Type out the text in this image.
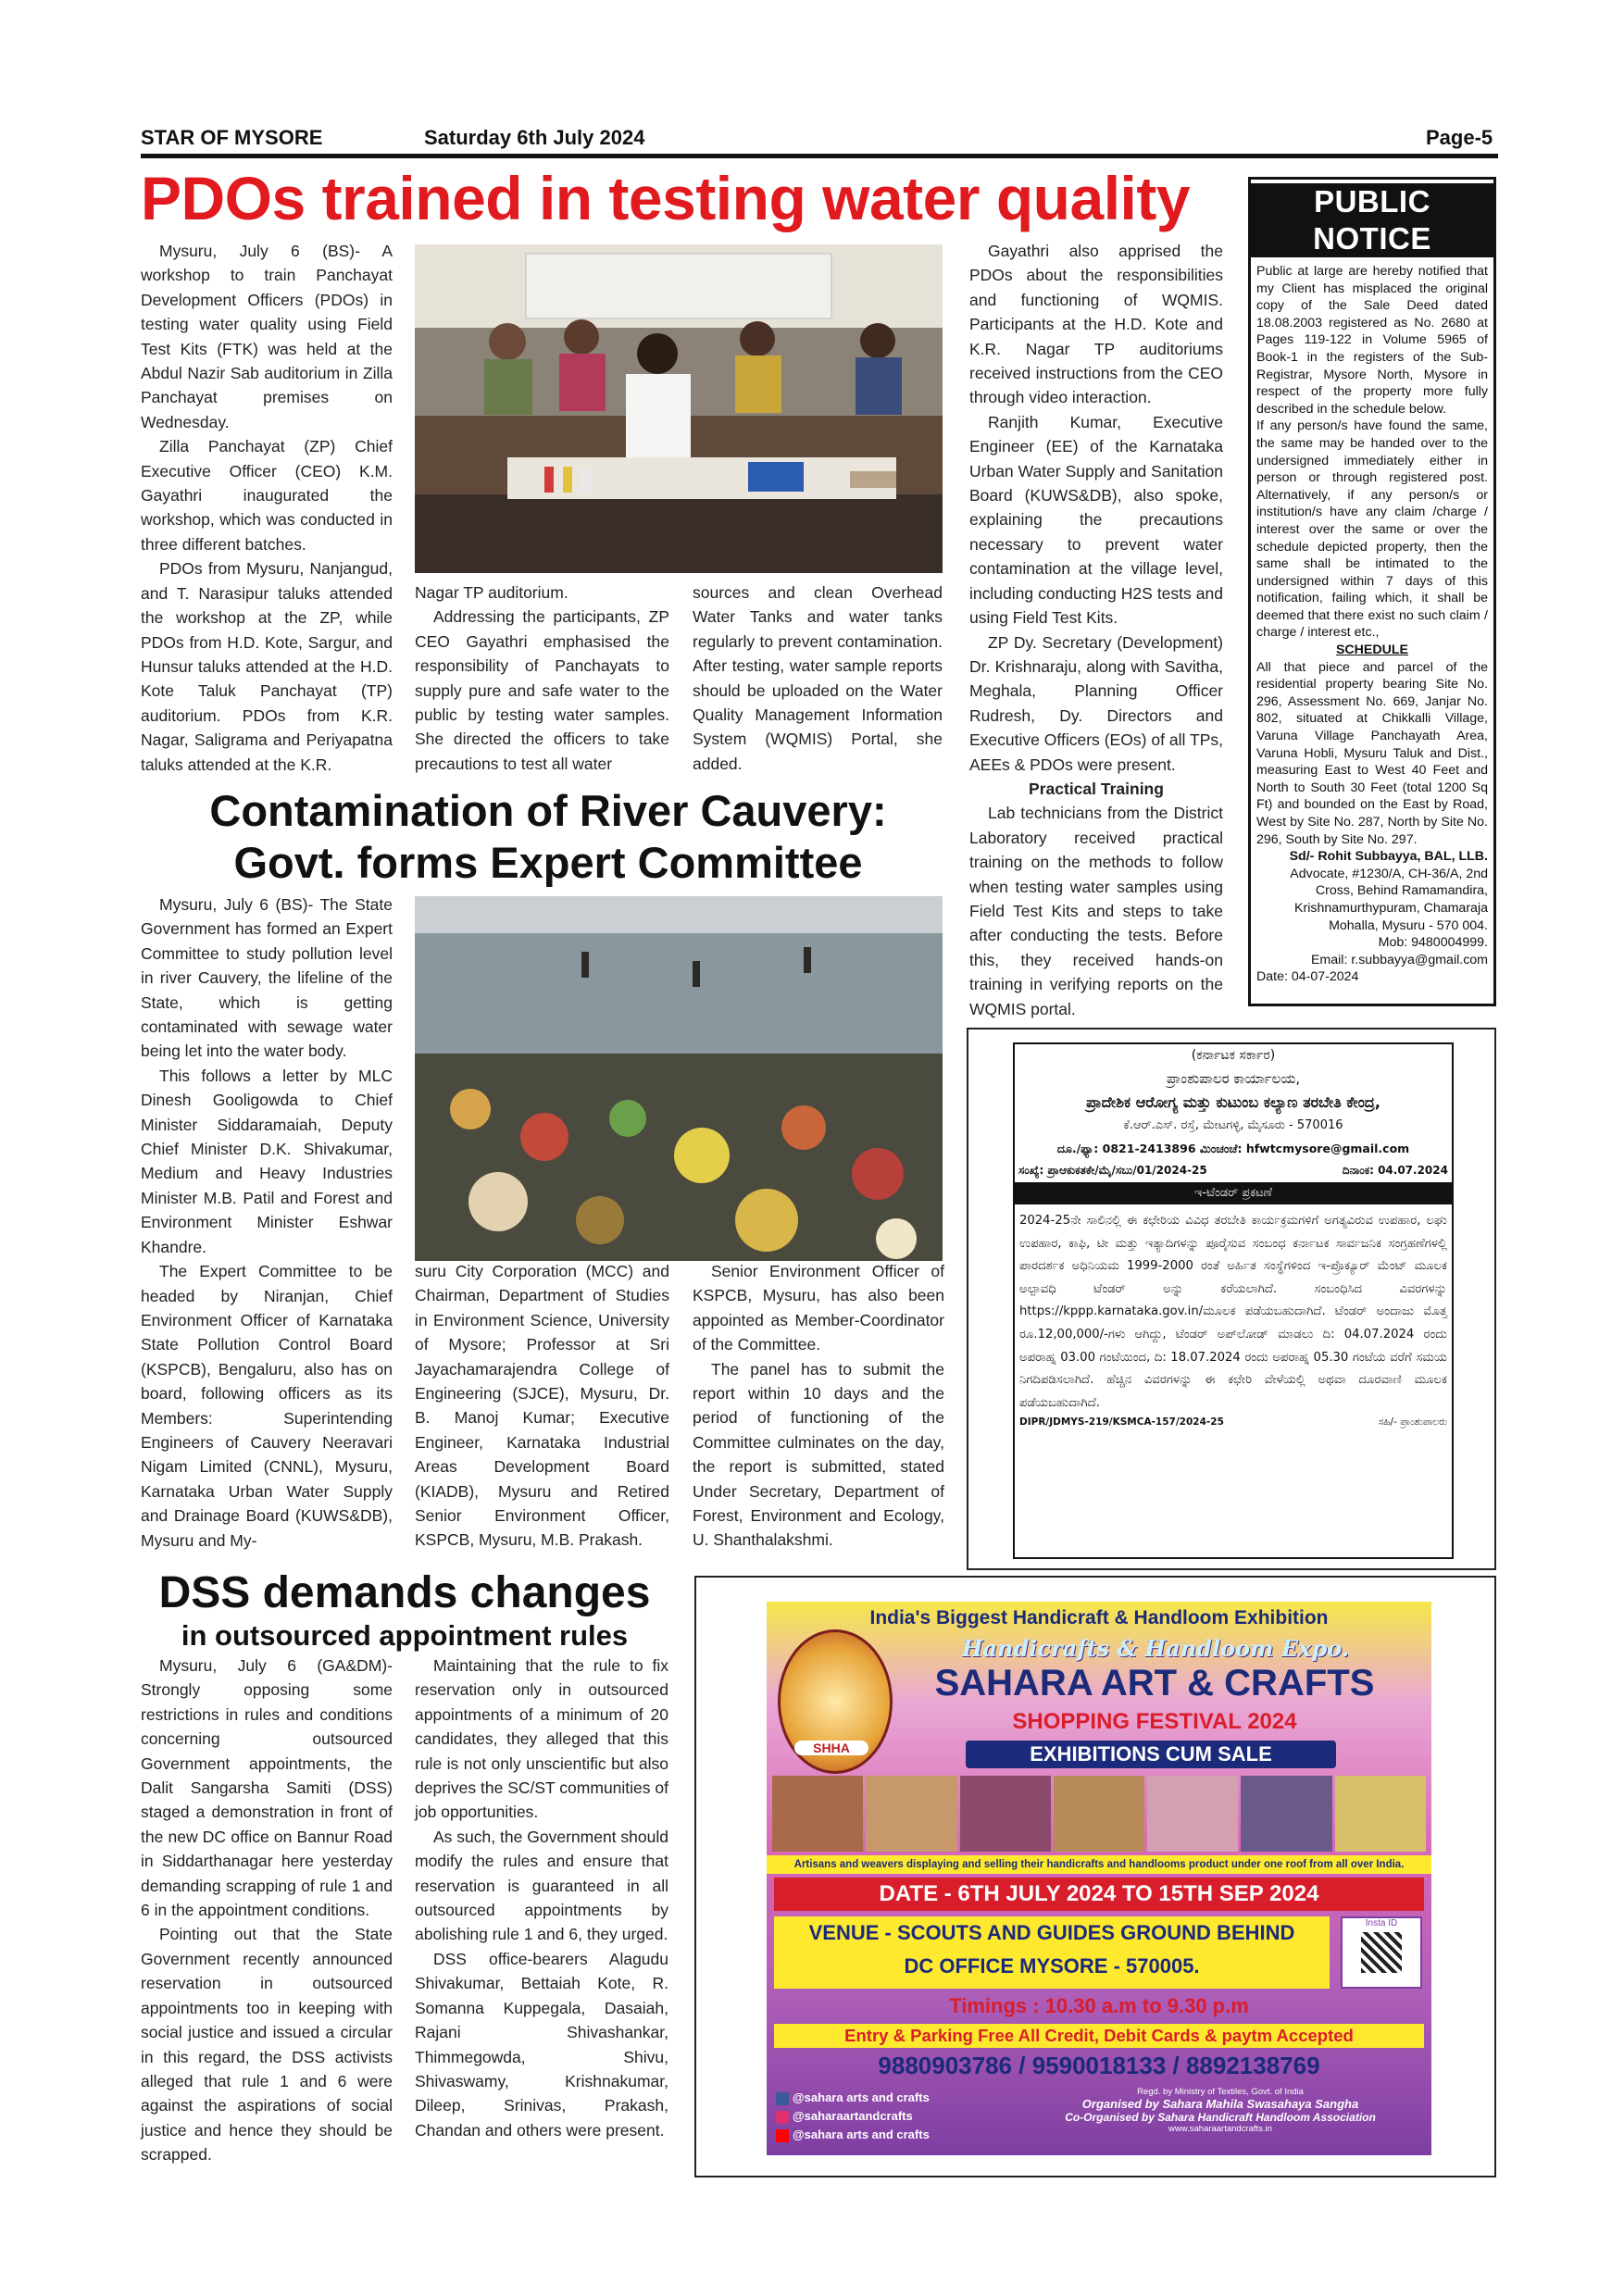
STAR OF MYSORE	Saturday 6th July 2024	Page-5
PDOs trained in testing water quality

Mysuru, July 6 (BS)- A workshop to train Panchayat Development Officers (PDOs) in testing water quality using Field Test Kits (FTK) was held at the Abdul Nazir Sab auditorium in Zilla Panchayat premises on Wednesday.

Zilla Panchayat (ZP) Chief Executive Officer (CEO) K.M. Gayathri inaugurated the workshop, which was conducted in three different batches.

PDOs from Mysuru, Nanjangud, and T. Narasipur taluks attended the workshop at the ZP, while PDOs from H.D. Kote, Sargur, and Hunsur taluks attended at the H.D. Kote Taluk Panchayat (TP) auditorium. PDOs from K.R. Nagar, Saligrama and Periyapatna taluks attended at the K.R.

Nagar TP auditorium.

Addressing the participants, ZP CEO Gayathri emphasised the responsibility of Panchayats to supply pure and safe water to the public by testing water samples. She directed the officers to take precautions to test all water

sources and clean Overhead Water Tanks and water tanks regularly to prevent contamination. After testing, water sample reports should be uploaded on the Water Quality Management Information System (WQMIS) Portal, she added.

Gayathri also apprised the PDOs about the responsibilities and functioning of WQMIS. Participants at the H.D. Kote and K.R. Nagar TP auditoriums received instructions from the CEO through video interaction.

Ranjith Kumar, Executive Engineer (EE) of the Karnataka Urban Water Supply and Sanitation Board (KUWS&DB), also spoke, explaining the precautions necessary to prevent water contamination at the village level, including conducting H2S tests and using Field Test Kits.

ZP Dy. Secretary (Development) Dr. Krishnaraju, along with Savitha, Meghala, Planning Officer Rudresh, Dy. Directors and Executive Officers (EOs) of all TPs, AEEs & PDOs were present.

Practical Training

Lab technicians from the District Laboratory received practical training on the methods to follow when testing water samples using Field Test Kits and steps to take after conducting the tests. Before this, they received hands-on training in verifying reports on the WQMIS portal.

Contamination of River Cauvery:
Govt. forms Expert Committee

Mysuru, July 6 (BS)- The State Government has formed an Expert Committee to study pollution level in river Cauvery, the lifeline of the State, which is getting contaminated with sewage water being let into the water body.

This follows a letter by MLC Dinesh Gooligowda to Chief Minister Siddaramaiah, Deputy Chief Minister D.K. Shivakumar, Medium and Heavy Industries Minister M.B. Patil and Forest and Environment Minister Eshwar Khandre.

The Expert Committee to be headed by Niranjan, Chief Environment Officer of Karnataka State Pollution Control Board (KSPCB), Bengaluru, also has on board, following officers as its Members: Superintending Engineers of Cauvery Neeravari Nigam Limited (CNNL), Mysuru, Karnataka Urban Water Supply and Drainage Board (KUWS&DB), Mysuru and My-

suru City Corporation (MCC) and Chairman, Department of Studies in Environment Science, University of Mysore; Professor at Sri Jayachamarajendra College of Engineering (SJCE), Mysuru, Dr. B. Manoj Kumar; Executive Engineer, Karnataka Industrial Areas Development Board (KIADB), Mysuru and Retired Senior Environment Officer, KSPCB, Mysuru, M.B. Prakash.

Senior Environment Officer of KSPCB, Mysuru, has also been appointed as Member-Coordinator of the Committee.

The panel has to submit the report within 10 days and the period of functioning of the Committee culminates on the day, the report is submitted, stated Under Secretary, Department of Forest, Environment and Ecology, U. Shanthalakshmi.

DSS demands changes
in outsourced appointment rules

Mysuru, July 6 (GA&DM)- Strongly opposing some restrictions in rules and conditions concerning outsourced Government appointments, the Dalit Sangarsha Samiti (DSS) staged a demonstration in front of the new DC office on Bannur Road in Siddarthanagar here yesterday demanding scrapping of rule 1 and 6 in the appointment conditions.

Pointing out that the State Government recently announced reservation in outsourced appointments too in keeping with social justice and issued a circular in this regard, the DSS activists alleged that rule 1 and 6 were against the aspirations of social justice and hence they should be scrapped.

Maintaining that the rule to fix reservation only in outsourced appointments of a minimum of 20 candidates, they alleged that this rule is not only unscientific but also deprives the SC/ST communities of job opportunities.

As such, the Government should modify the rules and ensure that reservation is guaranteed in all outsourced appointments by abolishing rule 1 and 6, they urged.

DSS office-bearers Alagudu Shivakumar, Bettaiah Kote, R. Somanna Kuppegala, Dasaiah, Rajani Shivashankar, Thimmegowda, Shivu, Shivaswamy, Krishnakumar, Dileep, Srinivas, Prakash, Chandan and others were present.

PUBLIC NOTICE

Public at large are hereby notified that my Client has misplaced the original copy of the Sale Deed dated 18.08.2003 registered as No. 2680 at Pages 119-122 in Volume 5965 of Book-1 in the registers of the Sub-Registrar, Mysore North, Mysore in respect of the property more fully described in the schedule below.

If any person/s have found the same, the same may be handed over to the undersigned immediately either in person or through registered post. Alternatively, if any person/s or institution/s have any claim /charge / interest over the same or over the schedule depicted property, then the same shall be intimated to the undersigned within 7 days of this notification, failing which, it shall be deemed that there exist no such claim / charge / interest etc.,

SCHEDULE

All that piece and parcel of the residential property bearing Site No. 296, Assessment No. 669, Janjar No. 802, situated at Chikkalli Village, Varuna Village Panchayath Area, Varuna Hobli, Mysuru Taluk and Dist., measuring East to West 40 Feet and North to South 30 Feet (total 1200 Sq Ft) and bounded on the East by Road, West by Site No. 287, North by Site No. 296, South by Site No. 297.

Sd/- Rohit Subbayya, BAL, LLB.

Advocate, #1230/A, CH-36/A, 2nd Cross, Behind Ramamandira, Krishnamurthypuram, Chamaraja Mohalla, Mysuru - 570 004.

Mob: 9480004999.

Email: r.subbayya@gmail.com

Date: 04-07-2024

(ಕರ್ನಾಟಕ ಸರ್ಕಾರ)
ಪ್ರಾಂಶುಪಾಲರ ಕಾರ್ಯಾಲಯ,
ಪ್ರಾದೇಶಿಕ ಆರೋಗ್ಯ ಮತ್ತು ಕುಟುಂಬ ಕಲ್ಯಾಣ ತರಬೇತಿ ಕೇಂದ್ರ,
ಕೆ.ಆರ್.ಎಸ್. ರಸ್ತೆ, ಮೇಟಗಳ್ಳಿ, ಮೈಸೂರು - 570016
ದೂ./ಫ್ಯಾ: 0821-2413896 ಮಿಂಚಂಚೆ: hfwtcmysore@gmail.com
ಸಂಖ್ಯೆ: ಪ್ರಾಆಕುಕತಕೇ/ಮೈ/ಸಬು/01/2024-25	ದಿನಾಂಕ: 04.07.2024
ಇ-ಟೆಂಡರ್ ಪ್ರಕಟಣೆ
2024-25ನೇ ಸಾಲಿನಲ್ಲಿ ಈ ಕಛೇರಿಯ ವಿವಿಧ ತರಬೇತಿ ಕಾರ್ಯಕ್ರಮಗಳಿಗೆ ಅಗತ್ಯವಿರುವ ಉಪಹಾರ, ಲಘು ಉಪಹಾರ, ಕಾಫಿ, ಟೀ ಮತ್ತು ಇತ್ಯಾದಿಗಳನ್ನು ಪೂರೈಸುವ ಸಂಬಂಧ ಕರ್ನಾಟಕ ಸಾರ್ವಜನಿಕ ಸಂಗ್ರಹಣೆಗಳಲ್ಲಿ ಪಾರದರ್ಶಕ ಅಧಿನಿಯಮ 1999-2000 ರಂತೆ ಅರ್ಹಿತ ಸಂಸ್ಥೆಗಳಿಂದ ಇ-ಪ್ರೊಕ್ಯೂರ್ ಮೆಂಟ್ ಮೂಲಕ ಅಲ್ಪಾವಧಿ ಟೆಂಡರ್ ಅನ್ನು ಕರೆಯಲಾಗಿದೆ. ಸಂಬಂಧಿಸಿದ ವಿವರಗಳನ್ನು https://kppp.karnataka.gov.in/ಮೂಲಕ ಪಡೆಯಬಹುದಾಗಿದೆ. ಟೆಂಡರ್ ಅಂದಾಜು ಮೊತ್ತ ರೂ.12,00,000/-ಗಳು ಆಗಿದ್ದು, ಟೆಂಡರ್ ಅಪ್‌ಲೋಡ್ ಮಾಡಲು ದಿ: 04.07.2024 ರಂದು ಅಪರಾಹ್ನ 03.00 ಗಂಟೆಯಿಂದ, ದಿ: 18.07.2024 ರಂದು ಅಪರಾಹ್ನ 05.30 ಗಂಟೆಯ ವರೆಗೆ ಸಮಯ ನಿಗದಿಪಡಿಸಲಾಗಿದೆ. ಹೆಚ್ಚಿನ ವಿವರಗಳನ್ನು ಈ ಕಛೇರಿ ವೇಳೆಯಲ್ಲಿ ಅಥವಾ ದೂರವಾಣಿ ಮೂಲಕ ಪಡೆಯಬಹುದಾಗಿದೆ.
DIPR/JDMYS-219/KSMCA-157/2024-25	ಸಹಿ/- ಪ್ರಾಂಶುಪಾಲರು
India's Biggest Handicraft & Handloom Exhibition
Handicrafts & Handloom Expo.
SHHA
SAHARA ART & CRAFTS
SHOPPING FESTIVAL 2024
EXHIBITIONS CUM SALE
Artisans and weavers displaying and selling their handicrafts and handlooms product under one roof from all over India.
DATE - 6TH JULY 2024 TO 15TH SEP 2024
VENUE - SCOUTS AND GUIDES GROUND BEHIND
DC OFFICE MYSORE - 570005.
Insta ID
Timings : 10.30 a.m to 9.30 p.m
Entry & Parking Free All Credit, Debit Cards & paytm Accepted
9880903786 / 9590018133 / 8892138769
@sahara arts and crafts
@saharaartandcrafts
@sahara arts and crafts
Regd. by Ministry of Textiles, Govt. of India
Organised by Sahara Mahila Swasahaya Sangha
Co-Organised by Sahara Handicraft Handloom Association
www.saharaartandcrafts.in
